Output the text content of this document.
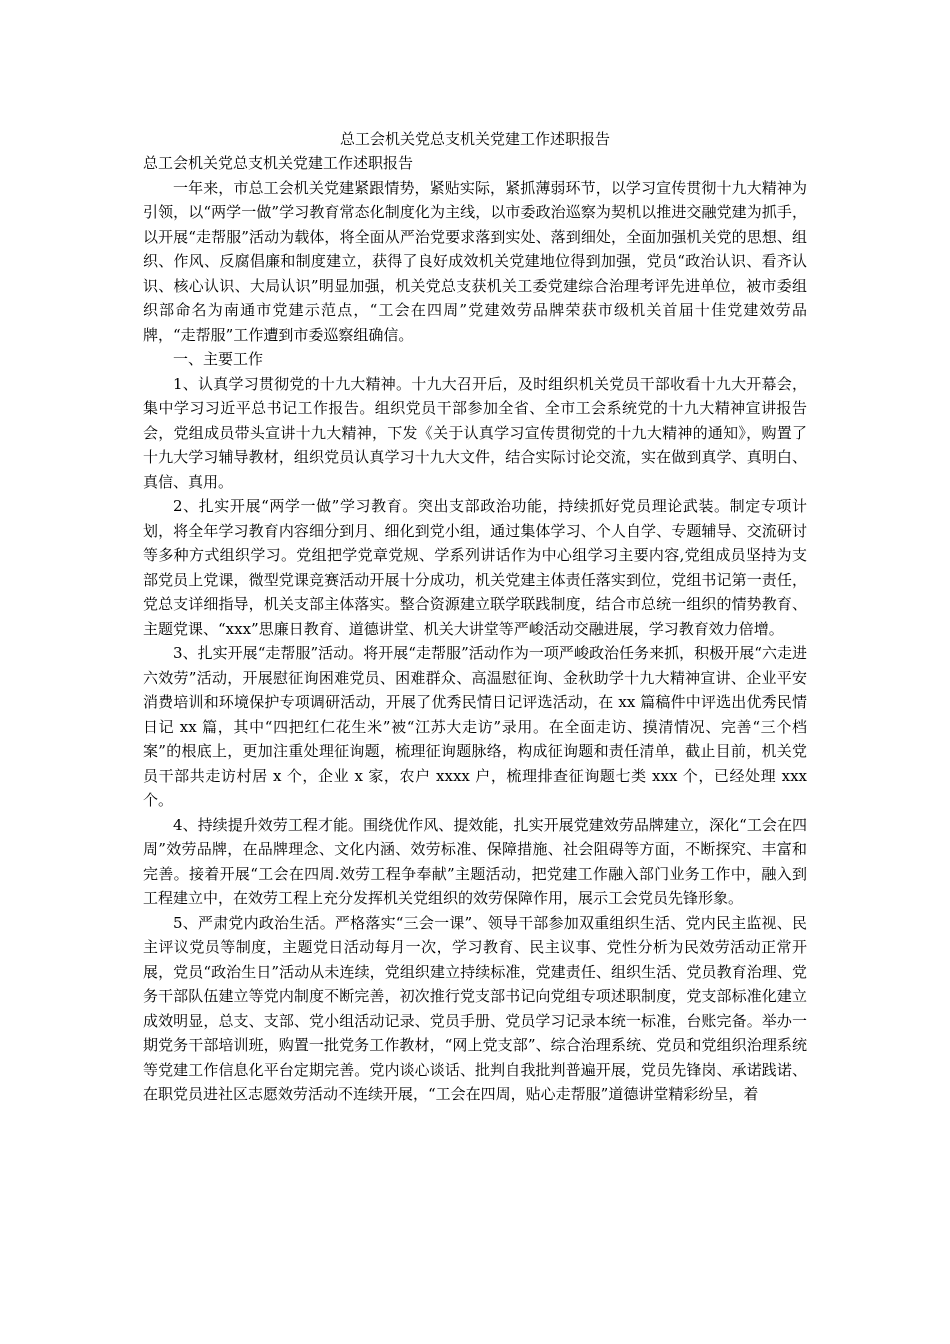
总工会机关党总支机关党建工作述职报告

总工会机关党总支机关党建工作述职报告

一年来，市总工会机关党建紧跟情势，紧贴实际，紧抓薄弱环节，以学习宣传贯彻十九大精神为引领，以“两学一做”学习教育常态化制度化为主线，以市委政治巡察为契机以推进交融党建为抓手，以开展“走帮服”活动为载体，将全面从严治党要求落到实处、落到细处，全面加强机关党的思想、组织、作风、反腐倡廉和制度建立，获得了良好成效机关党建地位得到加强，党员“政治认识、看齐认识、核心认识、大局认识”明显加强，机关党总支获机关工委党建综合治理考评先进单位，被市委组织部命名为南通市党建示范点，“工会在四周”党建效劳品牌荣获市级机关首届十佳党建效劳品牌，“走帮服”工作遭到市委巡察组确信。

一、主要工作

1、认真学习贯彻党的十九大精神。十九大召开后，及时组织机关党员干部收看十九大开幕会，集中学习习近平总书记工作报告。组织党员干部参加全省、全市工会系统党的十九大精神宣讲报告会，党组成员带头宣讲十九大精神，下发《关于认真学习宣传贯彻党的十九大精神的通知》，购置了十九大学习辅导教材，组织党员认真学习十九大文件，结合实际讨论交流，实在做到真学、真明白、真信、真用。

2、扎实开展“两学一做”学习教育。突出支部政治功能，持续抓好党员理论武装。制定专项计划，将全年学习教育内容细分到月、细化到党小组，通过集体学习、个人自学、专题辅导、交流研讨等多种方式组织学习。党组把学党章党规、学系列讲话作为中心组学习主要内容,党组成员坚持为支部党员上党课，微型党课竞赛活动开展十分成功，机关党建主体责任落实到位，党组书记第一责任，党总支详细指导，机关支部主体落实。整合资源建立联学联践制度，结合市总统一组织的情势教育、主题党课、“xxx”思廉日教育、道德讲堂、机关大讲堂等严峻活动交融进展，学习教育效力倍增。

3、扎实开展“走帮服”活动。将开展“走帮服”活动作为一项严峻政治任务来抓，积极开展“六走进六效劳”活动，开展慰征询困难党员、困难群众、高温慰征询、金秋助学十九大精神宣讲、企业平安消费培训和环境保护专项调研活动，开展了优秀民情日记评选活动，在 xx 篇稿件中评选出优秀民情日记 xx 篇，其中“四把红仁花生米”被“江苏大走访”录用。在全面走访、摸清情况、完善“三个档案”的根底上，更加注重处理征询题，梳理征询题脉络，构成征询题和责任清单，截止目前，机关党员干部共走访村居 x 个，企业 x 家，农户 xxxx 户，梳理排查征询题七类 xxx 个，已经处理 xxx 个。

4、持续提升效劳工程才能。围绕优作风、提效能，扎实开展党建效劳品牌建立，深化“工会在四周”效劳品牌，在品牌理念、文化内涵、效劳标准、保障措施、社会阻碍等方面，不断探究、丰富和完善。接着开展“工会在四周.效劳工程争奉献”主题活动，把党建工作融入部门业务工作中，融入到工程建立中，在效劳工程上充分发挥机关党组织的效劳保障作用，展示工会党员先锋形象。

5、严肃党内政治生活。严格落实“三会一课”、领导干部参加双重组织生活、党内民主监视、民主评议党员等制度，主题党日活动每月一次，学习教育、民主议事、党性分析为民效劳活动正常开展，党员“政治生日”活动从未连续，党组织建立持续标准，党建责任、组织生活、党员教育治理、党务干部队伍建立等党内制度不断完善，初次推行党支部书记向党组专项述职制度，党支部标准化建立成效明显，总支、支部、党小组活动记录、党员手册、党员学习记录本统一标准，台账完备。举办一期党务干部培训班，购置一批党务工作教材，“网上党支部”、综合治理系统、党员和党组织治理系统等党建工作信息化平台定期完善。党内谈心谈话、批判自我批判普遍开展，党员先锋岗、承诺践诺、在职党员进社区志愿效劳活动不连续开展，“工会在四周，贴心走帮服”道德讲堂精彩纷呈，着
